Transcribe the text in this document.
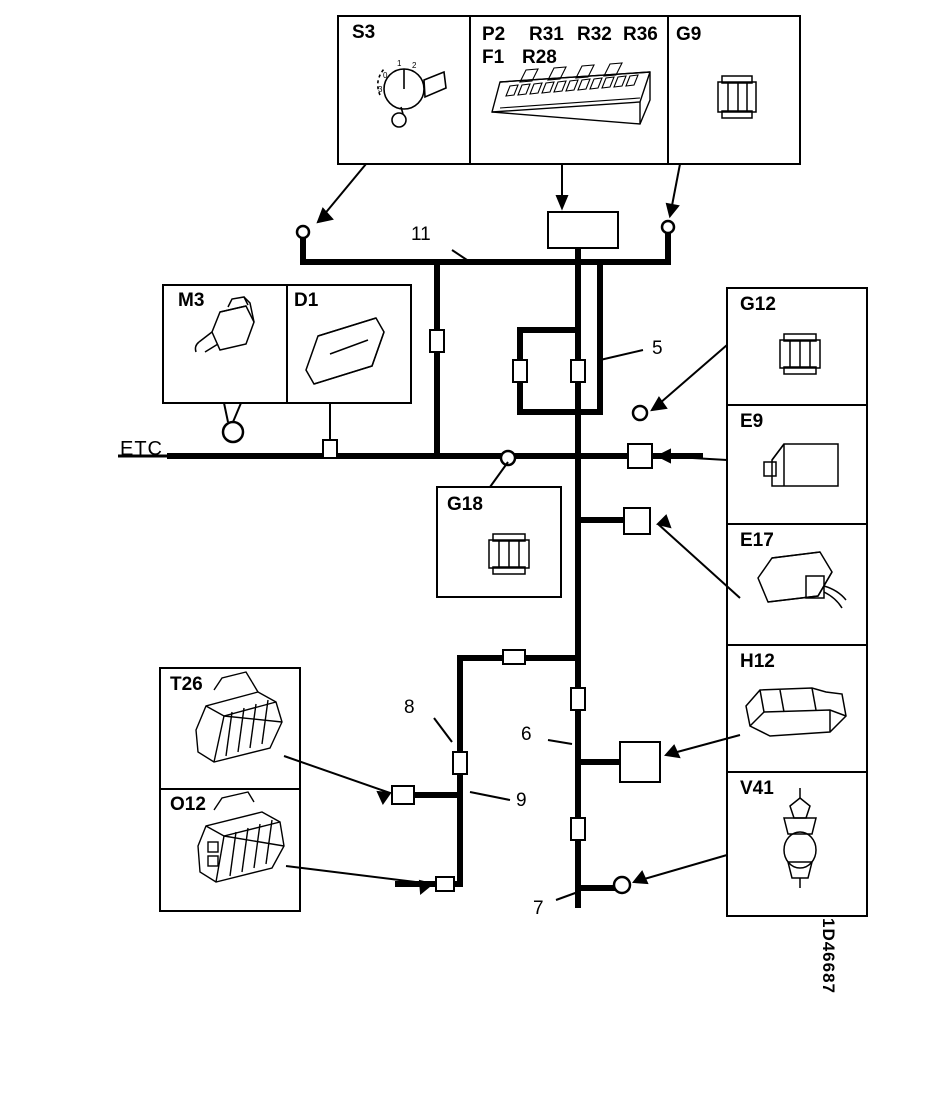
0
1 2
3
S3	P2
F1
R31 R32 R36
R28
G9
M3	D1	G12
E9
E17
H12
V41
G18
T26
O12
ETC
11
5
8
9
6
7
1D46687
